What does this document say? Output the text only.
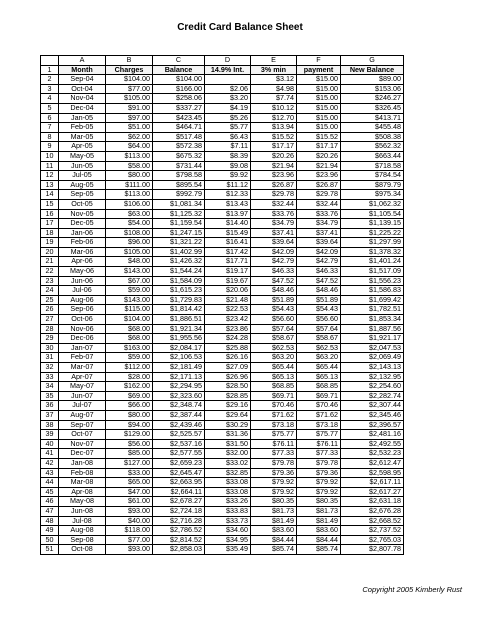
Credit Card Balance Sheet
	A	B	C	D	E	F	G
1	Month	Charges	Balance	14.9% Int.	3% min	payment	New Balance
2	Sep-04	$104.00	$104.00		$3.12	$15.00	$89.00
3	Oct-04	$77.00	$166.00	$2.06	$4.98	$15.00	$153.06
4	Nov-04	$105.00	$258.06	$3.20	$7.74	$15.00	$246.27
5	Dec-04	$91.00	$337.27	$4.19	$10.12	$15.00	$326.45
6	Jan-05	$97.00	$423.45	$5.26	$12.70	$15.00	$413.71
7	Feb-05	$51.00	$464.71	$5.77	$13.94	$15.00	$455.48
8	Mar-05	$62.00	$517.48	$6.43	$15.52	$15.52	$508.38
9	Apr-05	$64.00	$572.38	$7.11	$17.17	$17.17	$562.32
10	May-05	$113.00	$675.32	$8.39	$20.26	$20.26	$663.44
11	Jun-05	$58.00	$731.44	$9.08	$21.94	$21.94	$718.58
12	Jul-05	$80.00	$798.58	$9.92	$23.96	$23.96	$784.54
13	Aug-05	$111.00	$895.54	$11.12	$26.87	$26.87	$879.79
14	Sep-05	$113.00	$992.79	$12.33	$29.78	$29.78	$975.34
15	Oct-05	$106.00	$1,081.34	$13.43	$32.44	$32.44	$1,062.32
16	Nov-05	$63.00	$1,125.32	$13.97	$33.76	$33.76	$1,105.54
17	Dec-05	$54.00	$1,159.54	$14.40	$34.79	$34.79	$1,139.15
18	Jan-06	$108.00	$1,247.15	$15.49	$37.41	$37.41	$1,225.22
19	Feb-06	$96.00	$1,321.22	$16.41	$39.64	$39.64	$1,297.99
20	Mar-06	$105.00	$1,402.99	$17.42	$42.09	$42.09	$1,378.32
21	Apr-06	$48.00	$1,426.32	$17.71	$42.79	$42.79	$1,401.24
22	May-06	$143.00	$1,544.24	$19.17	$46.33	$46.33	$1,517.09
23	Jun-06	$67.00	$1,584.09	$19.67	$47.52	$47.52	$1,556.23
24	Jul-06	$59.00	$1,615.23	$20.06	$48.46	$48.46	$1,586.83
25	Aug-06	$143.00	$1,729.83	$21.48	$51.89	$51.89	$1,699.42
26	Sep-06	$115.00	$1,814.42	$22.53	$54.43	$54.43	$1,782.51
27	Oct-06	$104.00	$1,886.51	$23.42	$56.60	$56.60	$1,853.34
28	Nov-06	$68.00	$1,921.34	$23.86	$57.64	$57.64	$1,887.56
29	Dec-06	$68.00	$1,955.56	$24.28	$58.67	$58.67	$1,921.17
30	Jan-07	$163.00	$2,084.17	$25.88	$62.53	$62.53	$2,047.53
31	Feb-07	$59.00	$2,106.53	$26.16	$63.20	$63.20	$2,069.49
32	Mar-07	$112.00	$2,181.49	$27.09	$65.44	$65.44	$2,143.13
33	Apr-07	$28.00	$2,171.13	$26.96	$65.13	$65.13	$2,132.95
34	May-07	$162.00	$2,294.95	$28.50	$68.85	$68.85	$2,254.60
35	Jun-07	$69.00	$2,323.60	$28.85	$69.71	$69.71	$2,282.74
36	Jul-07	$66.00	$2,348.74	$29.16	$70.46	$70.46	$2,307.44
37	Aug-07	$80.00	$2,387.44	$29.64	$71.62	$71.62	$2,345.46
38	Sep-07	$94.00	$2,439.46	$30.29	$73.18	$73.18	$2,396.57
39	Oct-07	$129.00	$2,525.57	$31.36	$75.77	$75.77	$2,481.16
40	Nov-07	$56.00	$2,537.16	$31.50	$76.11	$76.11	$2,492.55
41	Dec-07	$85.00	$2,577.55	$32.00	$77.33	$77.33	$2,532.23
42	Jan-08	$127.00	$2,659.23	$33.02	$79.78	$79.78	$2,612.47
43	Feb-08	$33.00	$2,645.47	$32.85	$79.36	$79.36	$2,598.95
44	Mar-08	$65.00	$2,663.95	$33.08	$79.92	$79.92	$2,617.11
45	Apr-08	$47.00	$2,664.11	$33.08	$79.92	$79.92	$2,617.27
46	May-08	$61.00	$2,678.27	$33.26	$80.35	$80.35	$2,631.18
47	Jun-08	$93.00	$2,724.18	$33.83	$81.73	$81.73	$2,676.28
48	Jul-08	$40.00	$2,716.28	$33.73	$81.49	$81.49	$2,668.52
49	Aug-08	$118.00	$2,786.52	$34.60	$83.60	$83.60	$2,737.52
50	Sep-08	$77.00	$2,814.52	$34.95	$84.44	$84.44	$2,765.03
51	Oct-08	$93.00	$2,858.03	$35.49	$85.74	$85.74	$2,807.78
Copyright 2005 Kimberly Rust
